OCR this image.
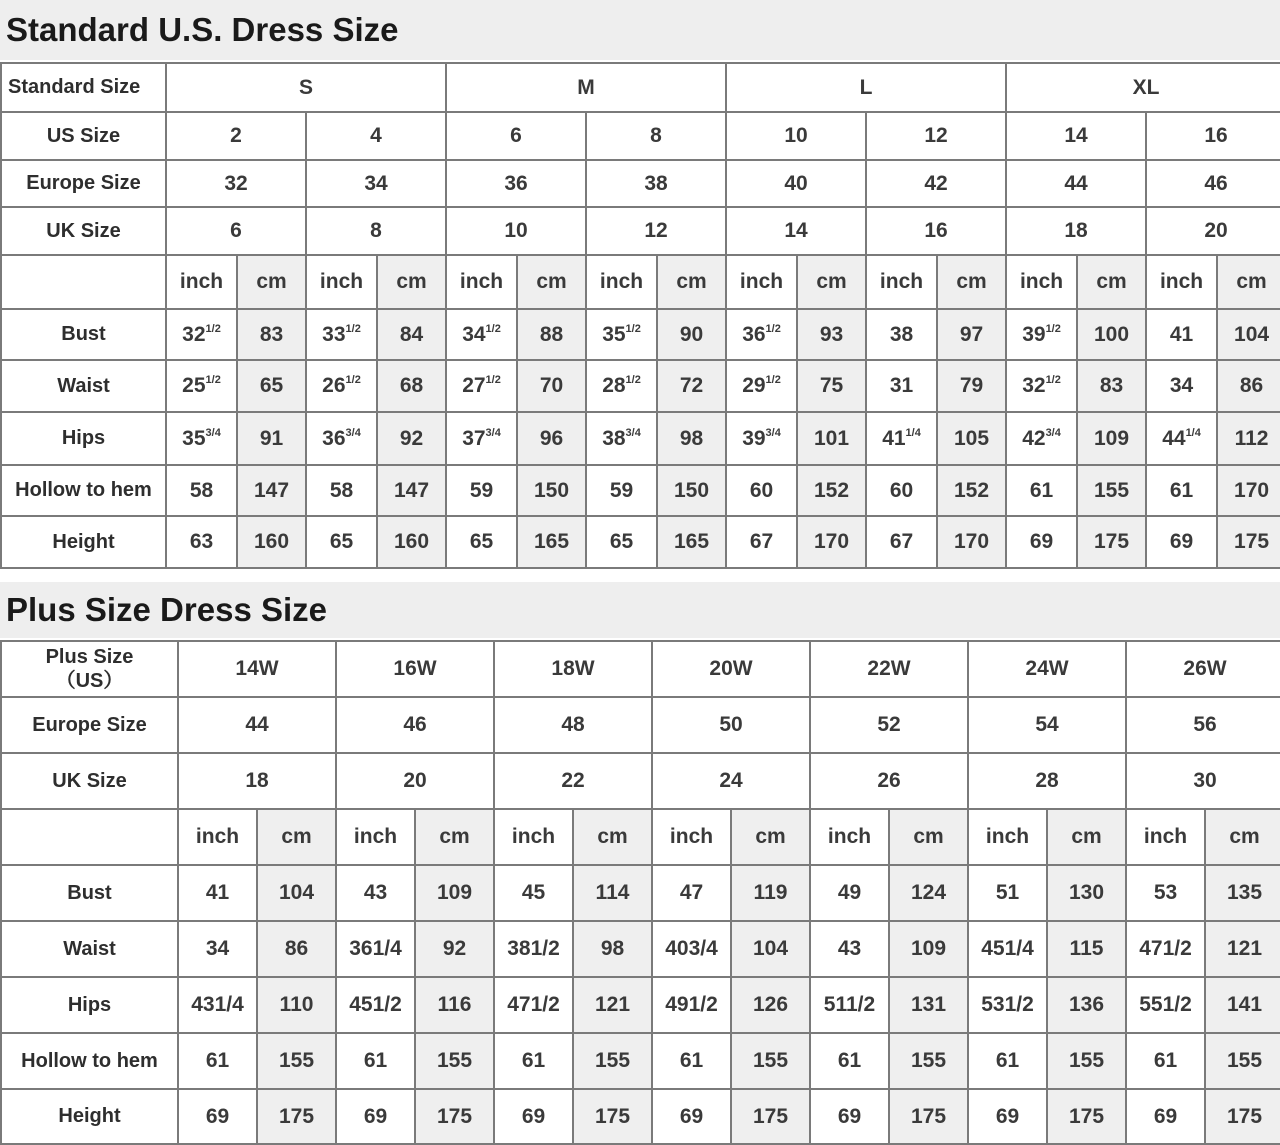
Standard U.S. Dress Size
Standard Size	S				M				L				XL			
US Size	2		4		6		8		10		12		14		16	
Europe Size	32		34		36		38		40		42		44		46	
UK Size	6		8		10		12		14		16		18		20	
	inch	cm	inch	cm	inch	cm	inch	cm	inch	cm	inch	cm	inch	cm	inch	cm
Bust	$32^{1/2}$	83	$33^{1/2}$	84	$34^{1/2}$	88	$35^{1/2}$	90	$36^{1/2}$	93	38	97	$39^{1/2}$	100	41	104
Waist	$25^{1/2}$	65	$26^{1/2}$	68	$27^{1/2}$	70	$28^{1/2}$	72	$29^{1/2}$	75	31	79	$32^{1/2}$	83	34	86
Hips	$35^{3/4}$	91	$36^{3/4}$	92	$37^{3/4}$	96	$38^{3/4}$	98	$39^{3/4}$	101	$41^{1/4}$	105	$42^{3/4}$	109	$44^{1/4}$	112
Hollow to hem	58	147	58	147	59	150	59	150	60	152	60	152	61	155	61	170
Height	63	160	65	160	65	165	65	165	67	170	67	170	69	175	69	175
Plus Size Dress Size
Plus Size
（US）	14W		16W		18W		20W		22W		24W		26W	
Europe Size	44		46		48		50		52		54		56	
UK Size	18		20		22		24		26		28		30	
	inch	cm	inch	cm	inch	cm	inch	cm	inch	cm	inch	cm	inch	cm
Bust	41	104	43	109	45	114	47	119	49	124	51	130	53	135
Waist	34	86	361/4	92	381/2	98	403/4	104	43	109	451/4	115	471/2	121
Hips	431/4	110	451/2	116	471/2	121	491/2	126	511/2	131	531/2	136	551/2	141
Hollow to hem	61	155	61	155	61	155	61	155	61	155	61	155	61	155
Height	69	175	69	175	69	175	69	175	69	175	69	175	69	175
